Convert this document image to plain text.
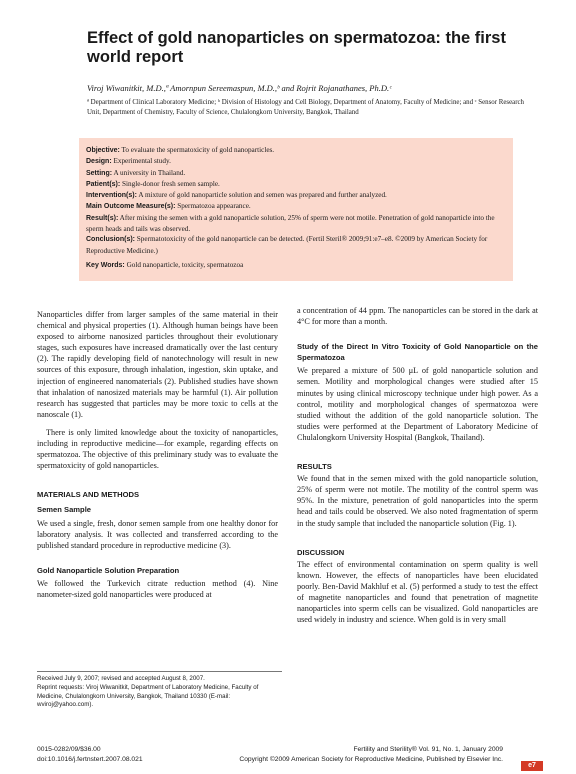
Effect of gold nanoparticles on spermatozoa: the first world report
Viroj Wiwanitkit, M.D.,ª Amornpun Sereemaspun, M.D.,ᵇ and Rojrit Rojanathanes, Ph.D.ᶜ
ª Department of Clinical Laboratory Medicine; ᵇ Division of Histology and Cell Biology, Department of Anatomy, Faculty of Medicine; and ᶜ Sensor Research Unit, Department of Chemistry, Faculty of Science, Chulalongkorn University, Bangkok, Thailand

Objective: To evaluate the spermatoxicity of gold nanoparticles.

Design: Experimental study.

Setting: A university in Thailand.

Patient(s): Single-donor fresh semen sample.

Intervention(s): A mixture of gold nanoparticle solution and semen was prepared and further analyzed.

Main Outcome Measure(s): Spermatozoa appearance.

Result(s): After mixing the semen with a gold nanoparticle solution, 25% of sperm were not motile. Penetration of gold nanoparticle into the sperm heads and tails was observed.

Conclusion(s): Spermatotoxicity of the gold nanoparticle can be detected. (Fertil Steril® 2009;91:e7–e8. ©2009 by American Society for Reproductive Medicine.)

Key Words: Gold nanoparticle, toxicity, spermatozoa

Nanoparticles differ from larger samples of the same material in their chemical and physical properties (1). Although human beings have been exposed to airborne nanosized particles throughout their evolutionary stages, such exposures have increased dramatically over the last century (2). The rapidly developing field of nanotechnology will result in new sources of this exposure, through inhalation, ingestion, skin uptake, and injection of engineered nanomaterials (2). Published studies have shown that inhalation of nanosized materials may be harmful (1). Air pollution research has suggested that particles may be more toxic to cells at the nanoscale (1).

There is only limited knowledge about the toxicity of nanoparticles, including in reproductive medicine—for example, regarding effects on spermatozoa. The objective of this preliminary study was to evaluate the spermatoxicity of gold nanoparticles.

MATERIALS AND METHODS
Semen Sample

We used a single, fresh, donor semen sample from one healthy donor for laboratory analysis. It was collected and transferred according to the published standard procedure in reproductive medicine (3).

Gold Nanoparticle Solution Preparation

We followed the Turkevich citrate reduction method (4). Nine nanometer-sized gold nanoparticles were produced at

a concentration of 44 ppm. The nanoparticles can be stored in the dark at 4°C for more than a month.

Study of the Direct In Vitro Toxicity of Gold Nanoparticle on the Spermatozoa

We prepared a mixture of 500 μL of gold nanoparticle solution and semen. Motility and morphological changes were studied after 15 minutes by using clinical microscopy technique under high power. As a control, motility and morphological changes of spermatozoa were studied without the addition of the gold nanoparticle solution. The studies were performed at the Department of Laboratory Medicine of Chulalongkorn University Hospital (Bangkok, Thailand).

RESULTS

We found that in the semen mixed with the gold nanoparticle solution, 25% of sperm were not motile. The motility of the control sperm was 95%. In the mixture, penetration of gold nanoparticles into the sperm head and tails could be observed. We also noted fragmentation of sperm in the study sample that included the nanoparticle solution (Fig. 1).

DISCUSSION

The effect of environmental contamination on sperm quality is well known. However, the effects of nanoparticles have been elucidated poorly. Ben-David Makhluf et al. (5) performed a study to test the effect of magnetite nanoparticles and found that penetration of magnetite nanoparticles into sperm cells can be visualized. Gold nanoparticles are used widely in industry and science. When gold is in very small

Received July 9, 2007; revised and accepted August 8, 2007.
Reprint requests: Viroj Wiwanitkit, Department of Laboratory Medicine, Faculty of Medicine, Chulalongkorn University, Bangkok, Thailand 10330 (E-mail: wviroj@yahoo.com).
0015-0282/09/$36.00
doi:10.1016/j.fertnstert.2007.08.021
Fertility and Sterility® Vol. 91, No. 1, January 2009
Copyright ©2009 American Society for Reproductive Medicine, Published by Elsevier Inc.
e7
